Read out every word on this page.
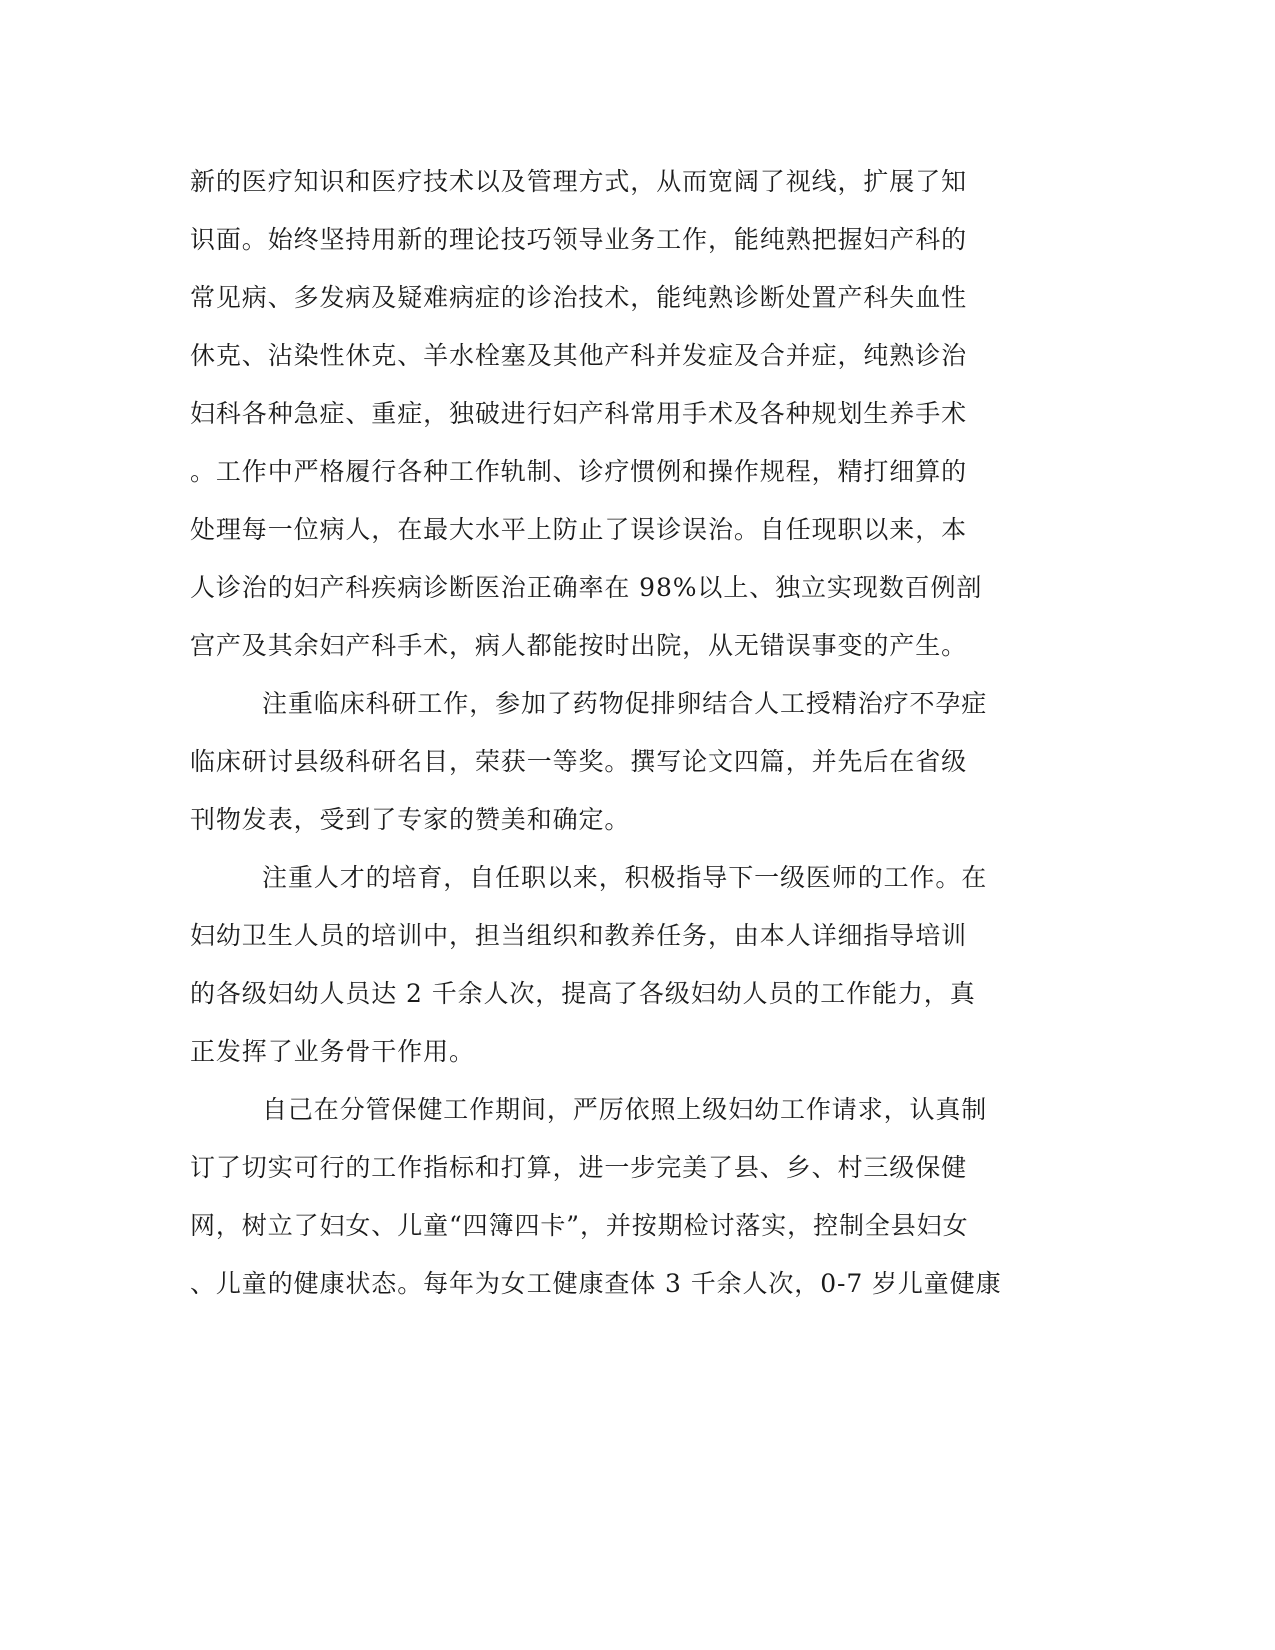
新的医疗知识和医疗技术以及管理方式，从而宽阔了视线，扩展了知

识面。始终坚持用新的理论技巧领导业务工作，能纯熟把握妇产科的

常见病、多发病及疑难病症的诊治技术，能纯熟诊断处置产科失血性

休克、沾染性休克、羊水栓塞及其他产科并发症及合并症，纯熟诊治

妇科各种急症、重症，独破进行妇产科常用手术及各种规划生养手术

。工作中严格履行各种工作轨制、诊疗惯例和操作规程，精打细算的

处理每一位病人，在最大水平上防止了误诊误治。自任现职以来，本

人诊治的妇产科疾病诊断医治正确率在 98%以上、独立实现数百例剖

宫产及其余妇产科手术，病人都能按时出院，从无错误事变的产生。

注重临床科研工作，参加了药物促排卵结合人工授精治疗不孕症

临床研讨县级科研名目，荣获一等奖。撰写论文四篇，并先后在省级

刊物发表，受到了专家的赞美和确定。

注重人才的培育，自任职以来，积极指导下一级医师的工作。在

妇幼卫生人员的培训中，担当组织和教养任务，由本人详细指导培训

的各级妇幼人员达 2 千余人次，提高了各级妇幼人员的工作能力，真

正发挥了业务骨干作用。

自己在分管保健工作期间，严厉依照上级妇幼工作请求，认真制

订了切实可行的工作指标和打算，进一步完美了县、乡、村三级保健

网，树立了妇女、儿童“四簿四卡”，并按期检讨落实，控制全县妇女

、儿童的健康状态。每年为女工健康查体 3 千余人次，0-7 岁儿童健康
